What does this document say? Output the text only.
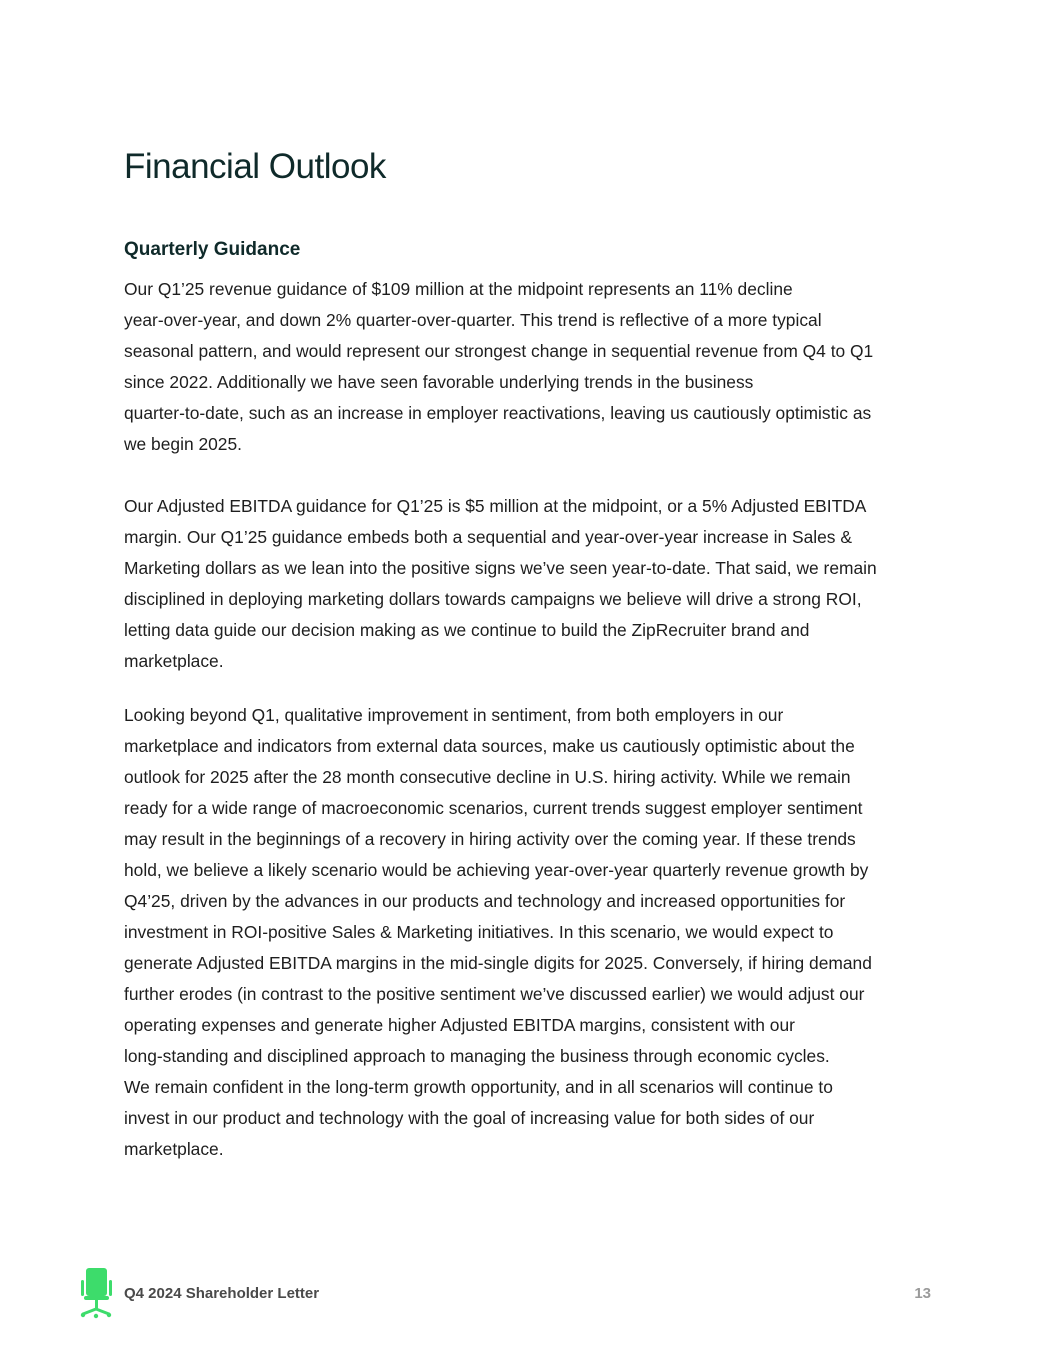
Financial Outlook
Quarterly Guidance

Our Q1’25 revenue guidance of $109 million at the midpoint represents an 11% decline
year-over-year, and down 2% quarter-over-quarter. This trend is reflective of a more typical
seasonal pattern, and would represent our strongest change in sequential revenue from Q4 to Q1
since 2022. Additionally we have seen favorable underlying trends in the business
quarter-to-date, such as an increase in employer reactivations, leaving us cautiously optimistic as
we begin 2025.

Our Adjusted EBITDA guidance for Q1’25 is $5 million at the midpoint, or a 5% Adjusted EBITDA
margin. Our Q1’25 guidance embeds both a sequential and year-over-year increase in Sales &
Marketing dollars as we lean into the positive signs we’ve seen year-to-date. That said, we remain
disciplined in deploying marketing dollars towards campaigns we believe will drive a strong ROI,
letting data guide our decision making as we continue to build the ZipRecruiter brand and
marketplace.

Looking beyond Q1, qualitative improvement in sentiment, from both employers in our
marketplace and indicators from external data sources, make us cautiously optimistic about the
outlook for 2025 after the 28 month consecutive decline in U.S. hiring activity. While we remain
ready for a wide range of macroeconomic scenarios, current trends suggest employer sentiment
may result in the beginnings of a recovery in hiring activity over the coming year. If these trends
hold, we believe a likely scenario would be achieving year-over-year quarterly revenue growth by
Q4’25, driven by the advances in our products and technology and increased opportunities for
investment in ROI-positive Sales & Marketing initiatives. In this scenario, we would expect to
generate Adjusted EBITDA margins in the mid-single digits for 2025. Conversely, if hiring demand
further erodes (in contrast to the positive sentiment we’ve discussed earlier) we would adjust our
operating expenses and generate higher Adjusted EBITDA margins, consistent with our
long-standing and disciplined approach to managing the business through economic cycles.
We remain confident in the long-term growth opportunity, and in all scenarios will continue to
invest in our product and technology with the goal of increasing value for both sides of our
marketplace.

Q4 2024 Shareholder Letter	13
